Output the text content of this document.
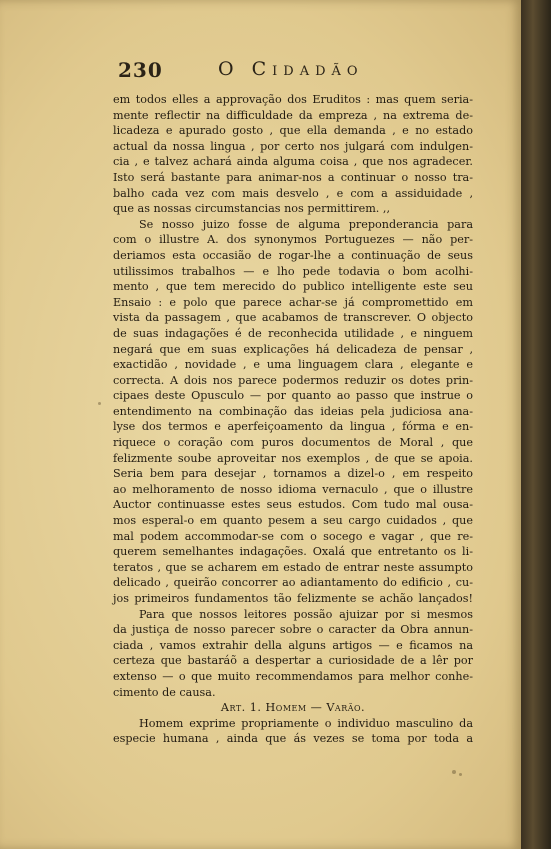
230	O Cidadão
em todos elles a approvação dos Eruditos : mas quem seria-
mente reflectir na difficuldade da empreza , na extrema de-
licadeza e apurado gosto , que ella demanda , e no estado
actual da nossa lingua , por certo nos julgará com indulgen-
cia , e talvez achará ainda alguma coisa , que nos agradecer.
Isto será bastante para animar-nos a continuar o nosso tra-
balho cada vez com mais desvelo , e com a assiduidade ,
que as nossas circumstancias nos permittirem. ,,
Se nosso juizo fosse de alguma preponderancia para
com o illustre A. dos synonymos Portuguezes — não per-
deriamos esta occasião de rogar-lhe a continuação de seus
utilissimos trabalhos — e lho pede todavia o bom acolhi-
mento , que tem merecido do publico intelligente este seu
Ensaio : e polo que parece achar-se já compromettido em
vista da passagem , que acabamos de transcrever. O objecto
de suas indagações é de reconhecida utilidade , e ninguem
negará que em suas explicações há delicadeza de pensar ,
exactidão , novidade , e uma linguagem clara , elegante e
correcta. A dois nos parece podermos reduzir os dotes prin-
cipaes deste Opusculo — por quanto ao passo que instrue o
entendimento na combinação das ideias pela judiciosa ana-
lyse dos termos e aperfeiçoamento da lingua , fórma e en-
riquece o coração com puros documentos de Moral , que
felizmente soube aproveitar nos exemplos , de que se apoia.
Seria bem para desejar , tornamos a dizel-o , em respeito
ao melhoramento de nosso idioma vernaculo , que o illustre
Auctor continuasse estes seus estudos. Com tudo mal ousa-
mos esperal-o em quanto pesem a seu cargo cuidados , que
mal podem accommodar-se com o socego e vagar , que re-
querem semelhantes indagações. Oxalá que entretanto os li-
teratos , que se acharem em estado de entrar neste assumpto
delicado , queirão concorrer ao adiantamento do edificio , cu-
jos primeiros fundamentos tão felizmente se achão lançados!
Para que nossos leitores possão ajuizar por si mesmos
da justiça de nosso parecer sobre o caracter da Obra annun-
ciada , vamos extrahir della alguns artigos — e ficamos na
certeza que bastaráõ a despertar a curiosidade de a lêr por
extenso — o que muito recommendamos para melhor conhe-
cimento de causa.
Art. 1. Homem — Varão.
Homem exprime propriamente o individuo masculino da
especie humana , ainda que ás vezes se toma por toda a
